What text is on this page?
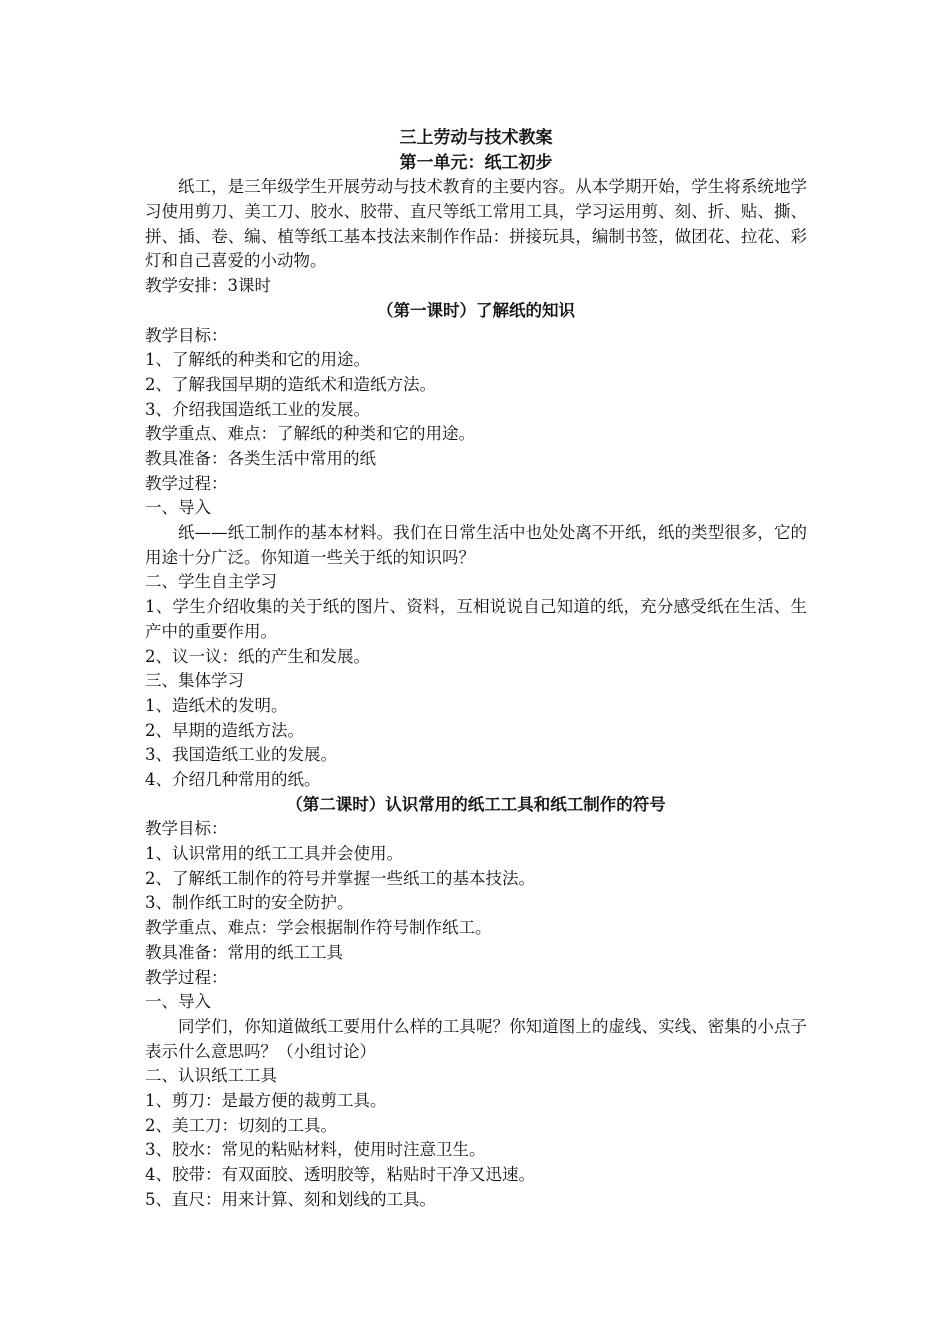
三上劳动与技术教案
第一单元：纸工初步

纸工，是三年级学生开展劳动与技术教育的主要内容。从本学期开始，学生将系统地学习使用剪刀、美工刀、胶水、胶带、直尺等纸工常用工具，学习运用剪、刻、折、贴、撕、拼、插、卷、编、植等纸工基本技法来制作作品：拼接玩具，编制书签，做团花、拉花、彩灯和自己喜爱的小动物。

教学安排：3课时
（第一课时）了解纸的知识
教学目标：
1、了解纸的种类和它的用途。
2、了解我国早期的造纸术和造纸方法。
3、介绍我国造纸工业的发展。
教学重点、难点：了解纸的种类和它的用途。
教具准备：各类生活中常用的纸
教学过程：
一、导入

纸——纸工制作的基本材料。我们在日常生活中也处处离不开纸，纸的类型很多，它的用途十分广泛。你知道一些关于纸的知识吗？

二、学生自主学习

1、学生介绍收集的关于纸的图片、资料，互相说说自己知道的纸，充分感受纸在生活、生产中的重要作用。

2、议一议：纸的产生和发展。
三、集体学习
1、造纸术的发明。
2、早期的造纸方法。
3、我国造纸工业的发展。
4、介绍几种常用的纸。
（第二课时）认识常用的纸工工具和纸工制作的符号
教学目标：
1、认识常用的纸工工具并会使用。
2、了解纸工制作的符号并掌握一些纸工的基本技法。
3、制作纸工时的安全防护。
教学重点、难点：学会根据制作符号制作纸工。
教具准备：常用的纸工工具
教学过程：
一、导入

同学们，你知道做纸工要用什么样的工具呢？你知道图上的虚线、实线、密集的小点子表示什么意思吗？（小组讨论）

二、认识纸工工具
1、剪刀：是最方便的裁剪工具。
2、美工刀：切刻的工具。
3、胶水：常见的粘贴材料，使用时注意卫生。
4、胶带：有双面胶、透明胶等，粘贴时干净又迅速。
5、直尺：用来计算、刻和划线的工具。
